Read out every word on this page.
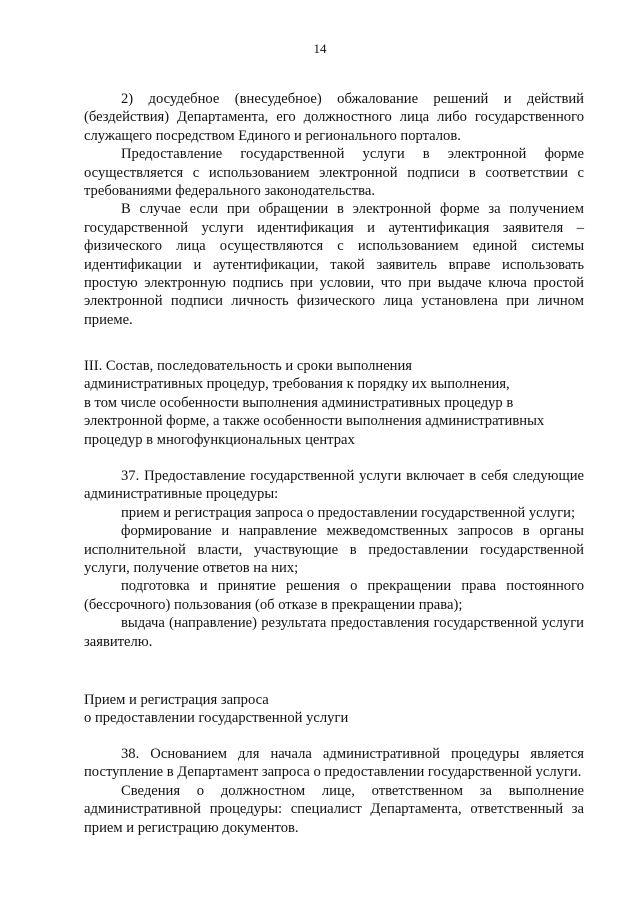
14

2) досудебное (внесудебное) обжалование решений и действий (бездействия) Департамента, его должностного лица либо государственного служащего посредством Единого и регионального порталов.

Предоставление государственной услуги в электронной форме осуществляется с использованием электронной подписи в соответствии с требованиями федерального законодательства.

В случае если при обращении в электронной форме за получением государственной услуги идентификация и аутентификация заявителя – физического лица осуществляются с использованием единой системы идентификации и аутентификации, такой заявитель вправе использовать простую электронную подпись при условии, что при выдаче ключа простой электронной подписи личность физического лица установлена при личном приеме.

III. Состав, последовательность и сроки выполнения

административных процедур, требования к порядку их выполнения,

в том числе особенности выполнения административных процедур в

электронной форме, а также особенности выполнения административных

процедур в многофункциональных центрах

37. Предоставление государственной услуги включает в себя следующие административные процедуры:

прием и регистрация запроса о предоставлении государственной услуги;

формирование и направление межведомственных запросов в органы исполнительной власти, участвующие в предоставлении государственной услуги, получение ответов на них;

подготовка и принятие решения о прекращении права постоянного (бессрочного) пользования (об отказе в прекращении права);

выдача (направление) результата предоставления государственной услуги заявителю.

Прием и регистрация запроса

о предоставлении государственной услуги

38. Основанием для начала административной процедуры является поступление в Департамент запроса о предоставлении государственной услуги.

Сведения о должностном лице, ответственном за выполнение административной процедуры: специалист Департамента, ответственный за прием и регистрацию документов.
